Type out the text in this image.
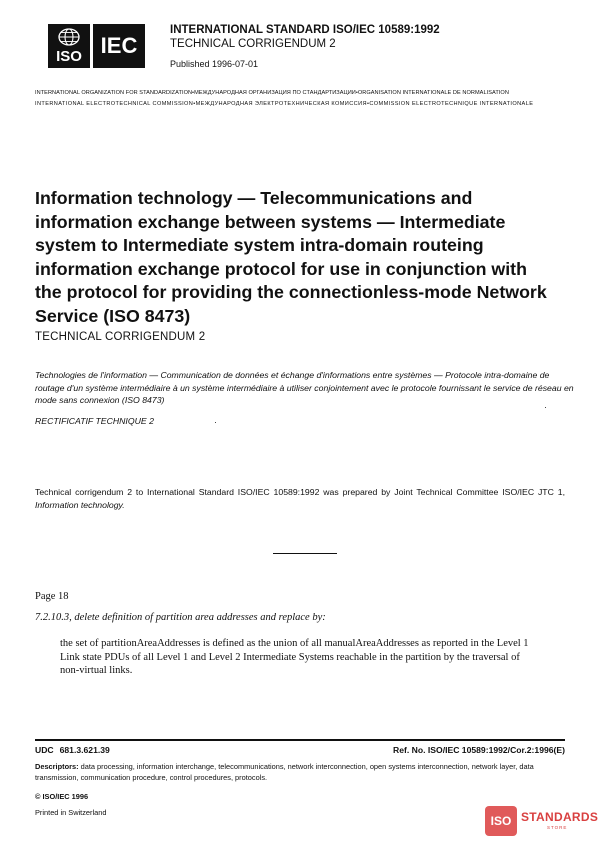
ISO IEC
INTERNATIONAL STANDARD ISO/IEC 10589:1992
TECHNICAL CORRIGENDUM 2
Published 1996-07-01
INTERNATIONAL ORGANIZATION FOR STANDARDIZATION•МЕЖДУНАРОДНАЯ ОРГАНИЗАЦИЯ ПО СТАНДАРТИЗАЦИИ•ORGANISATION INTERNATIONALE DE NORMALISATION
INTERNATIONAL ELECTROTECHNICAL COMMISSION•МЕЖДУНАРОДНАЯ ЭЛЕКТРОТЕХНИЧЕСКАЯ КОМИССИЯ•COMMISSION ELECTROTECHNIQUE INTERNATIONALE
Information technology — Telecommunications and information exchange between systems — Intermediate system to Intermediate system intra-domain routeing information exchange protocol for use in conjunction with the protocol for providing the connectionless-mode Network Service (ISO 8473)
TECHNICAL CORRIGENDUM 2
Technologies de l'information — Communication de données et échange d'informations entre systèmes — Protocole intra-domaine de routage d'un système intermédiaire à un système intermédiaire à utiliser conjointement avec le protocole fournissant le service de réseau en mode sans connexion (ISO 8473)
RECTIFICATIF TECHNIQUE 2
Technical corrigendum 2 to International Standard ISO/IEC 10589:1992 was prepared by Joint Technical Committee ISO/IEC JTC 1, Information technology.
Page 18
7.2.10.3, delete definition of partition area addresses and replace by:
the set of partitionAreaAddresses is defined as the union of all manualAreaAddresses as reported in the Level 1 Link state PDUs of all Level 1 and Level 2 Intermediate Systems reachable in the partition by the traversal of non-virtual links.
UDC 681.3.621.39	Ref. No. ISO/IEC 10589:1992/Cor.2:1996(E)
Descriptors: data processing, information interchange, telecommunications, network interconnection, open systems interconnection, network layer, data transmission, communication procedure, control procedures, protocols.
© ISO/IEC 1996
Printed in Switzerland
ISO STANDARDS
STORE
